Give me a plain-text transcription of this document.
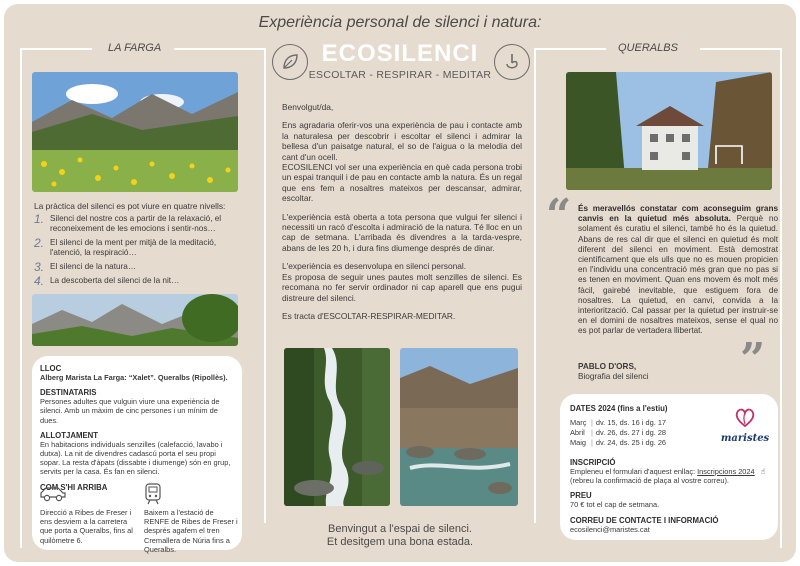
Experiència personal de silenci i natura:
ECOSILENCI
ESCOLTAR - RESPIRAR - MEDITAR
LA FARGA
La pràctica del silenci es pot viure en quatre nivells:
1. Silenci del nostre cos a partir de la relaxació, el reconeixement de les emocions i sentir-nos…
2. El silenci de la ment per mitjà de la meditació, l'atenció, la respiració…
3. El silenci de la natura…
4. La descoberta del silenci de la nit…
LLOC
Alberg Marista La Farga: “Xalet”. Queralbs (Ripollès).
DESTINATARIS
Persones adultes que vulguin viure una experiència de silenci. Amb un màxim de cinc persones i un mínim de dues.
ALLOTJAMENT
En habitacions individuals senzilles (calefacció, lavabo i dutxa). La nit de divendres cadascú porta el seu propi sopar. La resta d'àpats (dissabte i diumenge) són en grup, servits per la casa. És fan en silenci.
COM S'HI ARRIBA
Direcció a Ribes de Freser i ens desviem a la carretera que porta a Queralbs, fins al quilòmetre 6.
Baixem a l'estació de RENFE de Ribes de Freser i després agafem el tren Cremallera de Núria fins a Queralbs.

Benvolgut/da,

Ens agradaria oferir-vos una experiència de pau i contacte amb la naturalesa per descobrir i escoltar el silenci i admirar la bellesa d'un paisatge natural, el so de l'aigua o la melodia del cant d'un ocell.

ECOSILENCI vol ser una experiència en què cada persona trobi un espai tranquil i de pau en contacte amb la natura. És un regal que ens fem a nosaltres mateixos per descansar, admirar, escoltar.

L'experiència està oberta a tota persona que vulgui fer silenci i necessiti un racó d'escolta i admiració de la natura. Té lloc en un cap de setmana. L'arribada és divendres a la tarda-vespre, abans de les 20 h, i dura fins diumenge després de dinar.

L'experiència es desenvolupa en silenci personal.

Es proposa de seguir unes pautes molt senzilles de silenci. Es recomana no fer servir ordinador ni cap aparell que ens pugui distreure del silenci.

Es tracta d'ESCOLTAR-RESPIRAR-MEDITAR.

Benvingut a l'espai de silenci.
Et desitgem una bona estada.
QUERALBS
“ És meravellós constatar com aconseguim grans canvis en la quietud més absoluta. Perquè no solament és curatiu el silenci, també ho és la quietud. Abans de res cal dir que el silenci en quietud és molt diferent del silenci en moviment. Està demostrat científicament que els ulls que no es mouen propicien en l'individu una concentració més gran que no pas si es tenen en moviment. Quan ens movem és molt més fàcil, gairebé inevitable, que estiguem fora de nosaltres. La quietud, en canvi, convida a la interiorització. Cal passar per la quietud per instruir-se en el domini de nosaltres mateixos, sense el qual no es pot parlar de vertadera llibertat.
PABLO D'ORS,
Biografia del silenci	”
DATES 2024 (fins a l'estiu)
Març | dv. 15, ds. 16 i dg. 17
Abril | dv. 26, ds. 27 i dg. 28
Maig | dv. 24, ds. 25 i dg. 26	maristes
INSCRIPCIÓ
Empleneu el formulari d'aquest enllaç: Inscripcions 2024 ☝
(rebreu la confirmació de plaça al vostre correu).
PREU
70 € tot el cap de setmana.
CORREU DE CONTACTE I INFORMACIÓ
ecosilenci@maristes.cat
